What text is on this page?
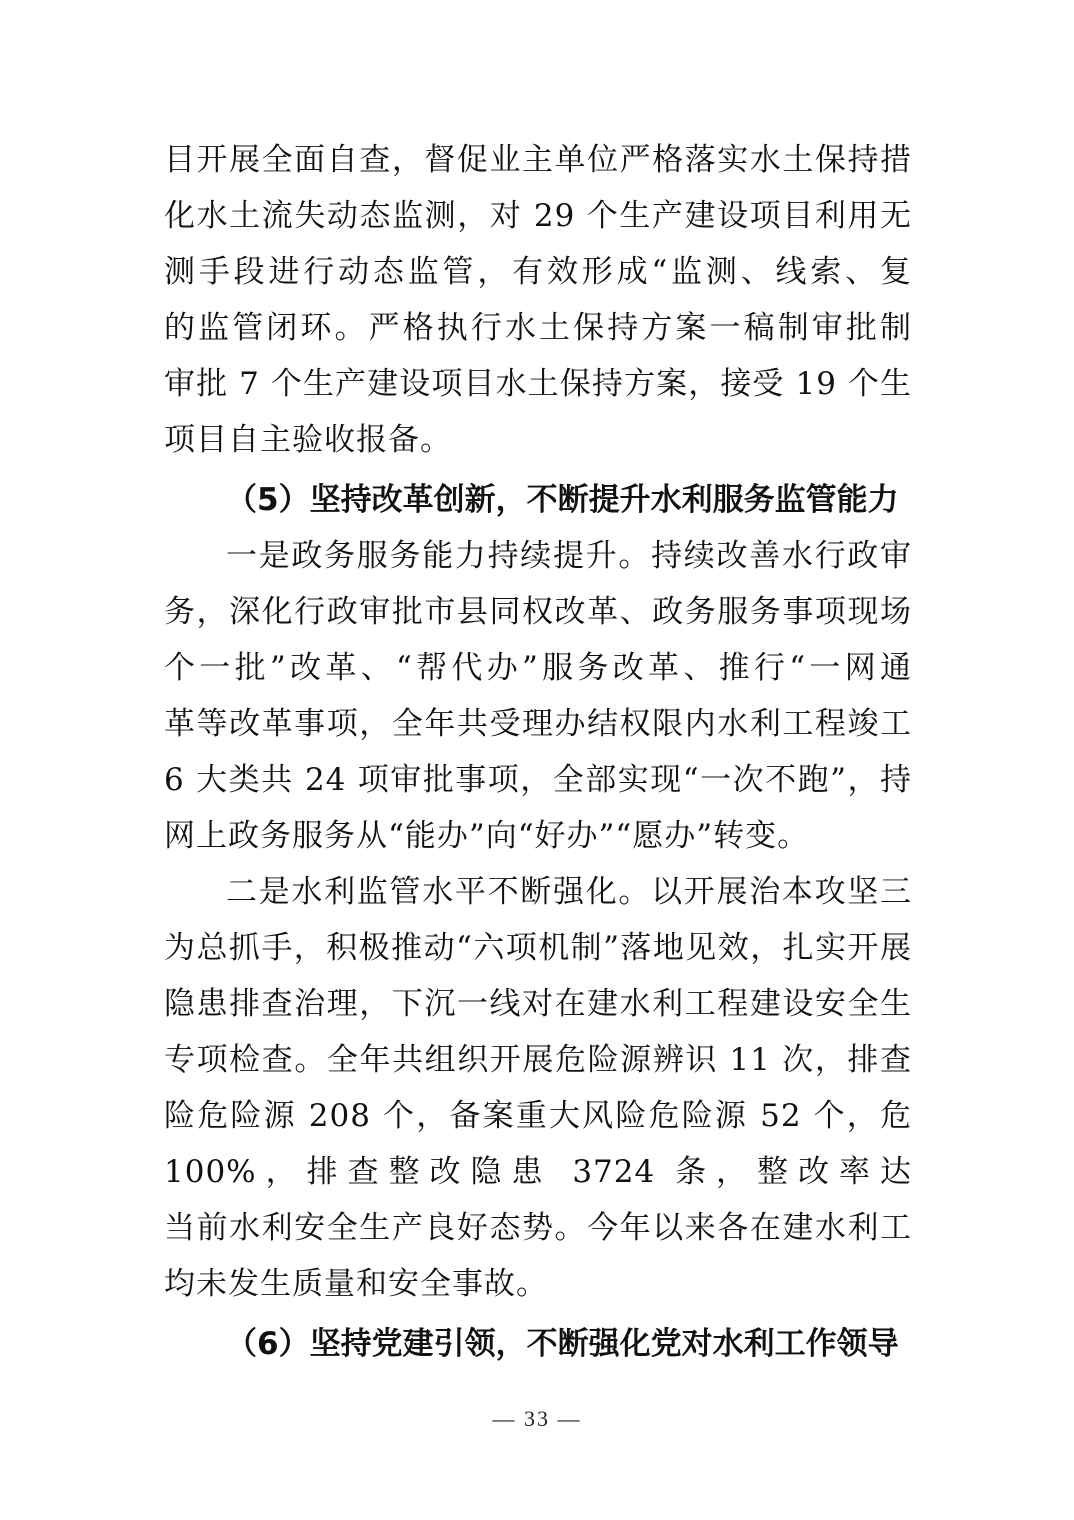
目开展全面自查，督促业主单位严格落实水土保持措
化水土流失动态监测，对 29 个生产建设项目利用无
测手段进行动态监管，有效形成“监测、线索、复
的监管闭环。严格执行水土保持方案一稿制审批制
审批 7 个生产建设项目水土保持方案，接受 19 个生
项目自主验收报备。
（5）坚持改革创新，不断提升水利服务监管能力
一是政务服务能力持续提升。持续改善水行政审
务，深化行政审批市县同权改革、政务服务事项现场
个一批”改革、“帮代办”服务改革、推行“一网通
革等改革事项，全年共受理办结权限内水利工程竣工
6 大类共 24 项审批事项，全部实现“一次不跑”，持
网上政务服务从“能办”向“好办”“愿办”转变。
二是水利监管水平不断强化。以开展治本攻坚三
为总抓手，积极推动“六项机制”落地见效，扎实开展
隐患排查治理，下沉一线对在建水利工程建设安全生
专项检查。全年共组织开展危险源辨识 11 次，排查
险危险源 208 个，备案重大风险危险源 52 个，危
100%，排查整改隐患 3724 条，整改率达
当前水利安全生产良好态势。今年以来各在建水利工
均未发生质量和安全事故。
（6）坚持党建引领，不断强化党对水利工作领导
— 33 —
